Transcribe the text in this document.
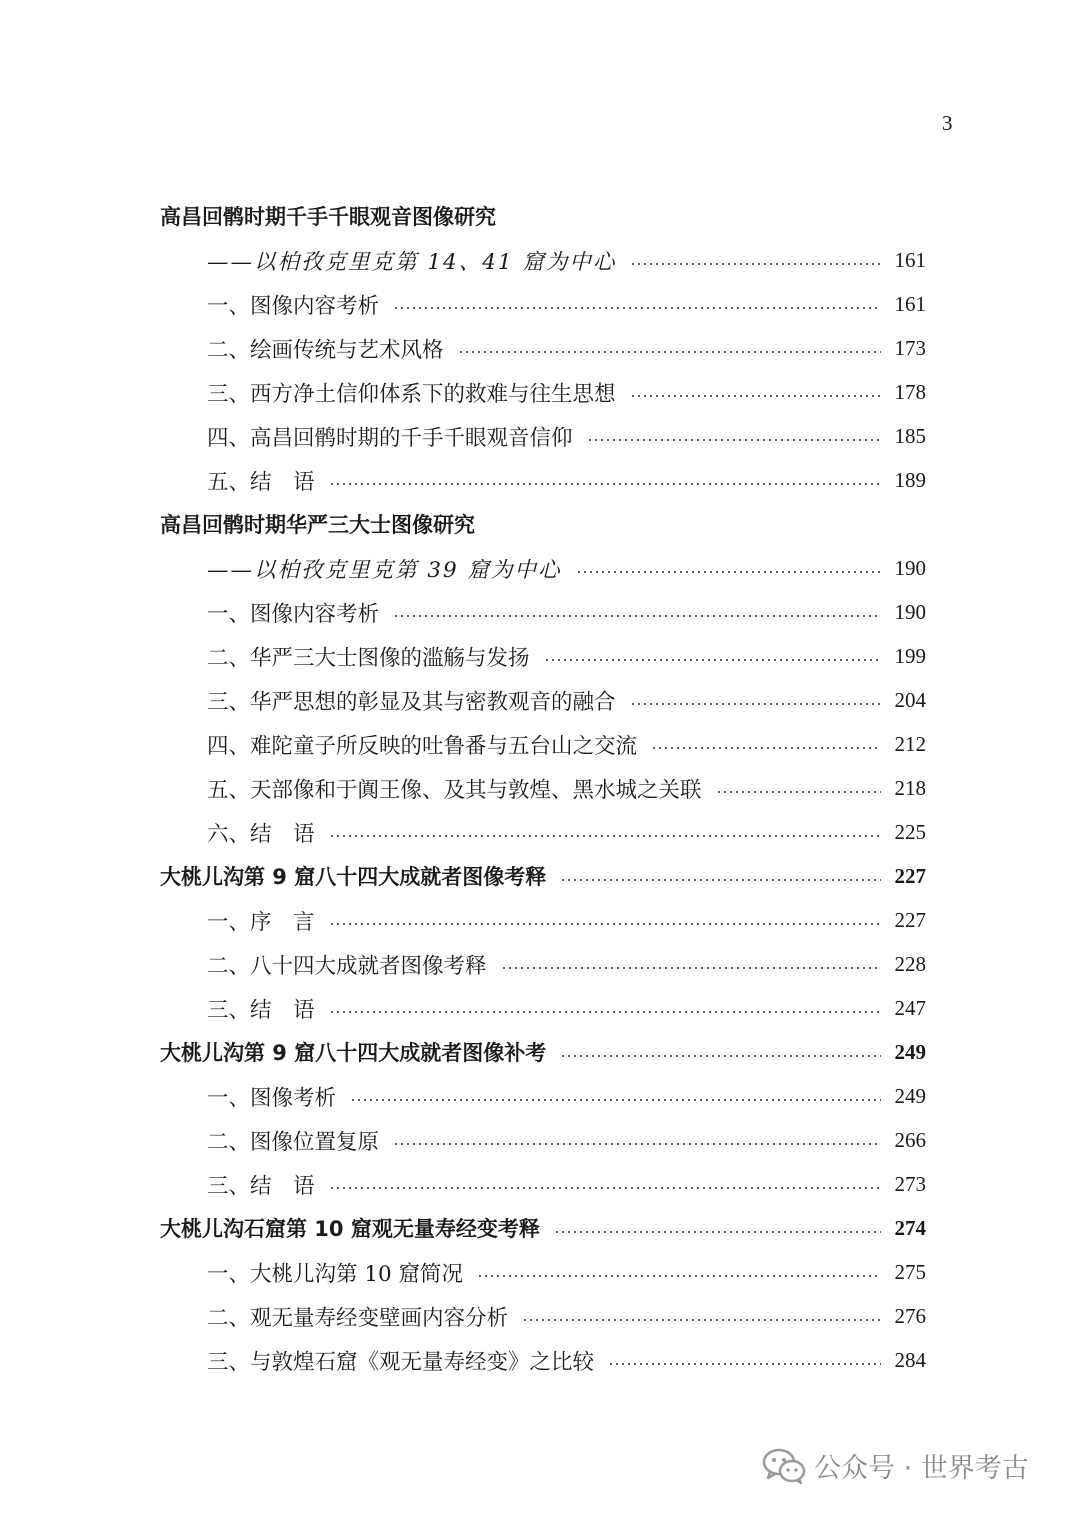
3
高昌回鹘时期千手千眼观音图像研究
——以柏孜克里克第 14、41 窟为中心	161
一、图像内容考析	161
二、绘画传统与艺术风格	173
三、西方净土信仰体系下的救难与往生思想	178
四、高昌回鹘时期的千手千眼观音信仰	185
五、结　语	189
高昌回鹘时期华严三大士图像研究
——以柏孜克里克第 39 窟为中心	190
一、图像内容考析	190
二、华严三大士图像的滥觞与发扬	199
三、华严思想的彰显及其与密教观音的融合	204
四、难陀童子所反映的吐鲁番与五台山之交流	212
五、天部像和于阗王像、及其与敦煌、黑水城之关联	218
六、结　语	225
大桃儿沟第 9 窟八十四大成就者图像考释	227
一、序　言	227
二、八十四大成就者图像考释	228
三、结　语	247
大桃儿沟第 9 窟八十四大成就者图像补考	249
一、图像考析	249
二、图像位置复原	266
三、结　语	273
大桃儿沟石窟第 10 窟观无量寿经变考释	274
一、大桃儿沟第 10 窟简况	275
二、观无量寿经变壁画内容分析	276
三、与敦煌石窟《观无量寿经变》之比较	284
公众号 · 世界考古
